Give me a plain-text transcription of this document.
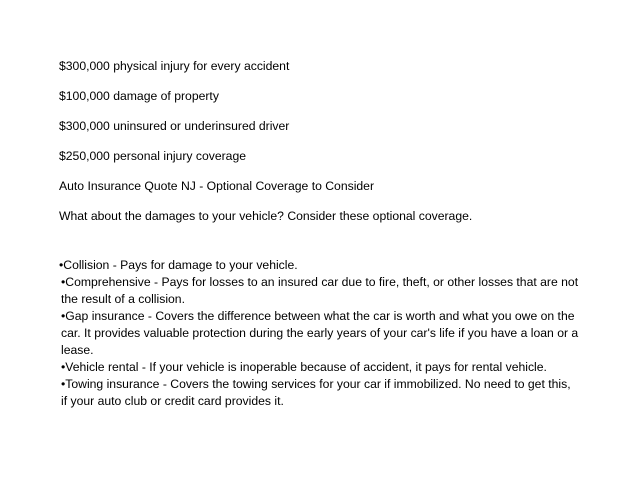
$300,000 physical injury for every accident

$100,000 damage of property

$300,000 uninsured or underinsured driver

$250,000 personal injury coverage

Auto Insurance Quote NJ - Optional Coverage to Consider

What about the damages to your vehicle? Consider these optional coverage.

•Collision - Pays for damage to your vehicle.

•Comprehensive - Pays for losses to an insured car due to fire, theft, or other losses that are not the result of a collision.

•Gap insurance - Covers the difference between what the car is worth and what you owe on the car. It provides valuable protection during the early years of your car's life if you have a loan or a lease.

•Vehicle rental - If your vehicle is inoperable because of accident, it pays for rental vehicle.

•Towing insurance - Covers the towing services for your car if immobilized. No need to get this, if your auto club or credit card provides it.
